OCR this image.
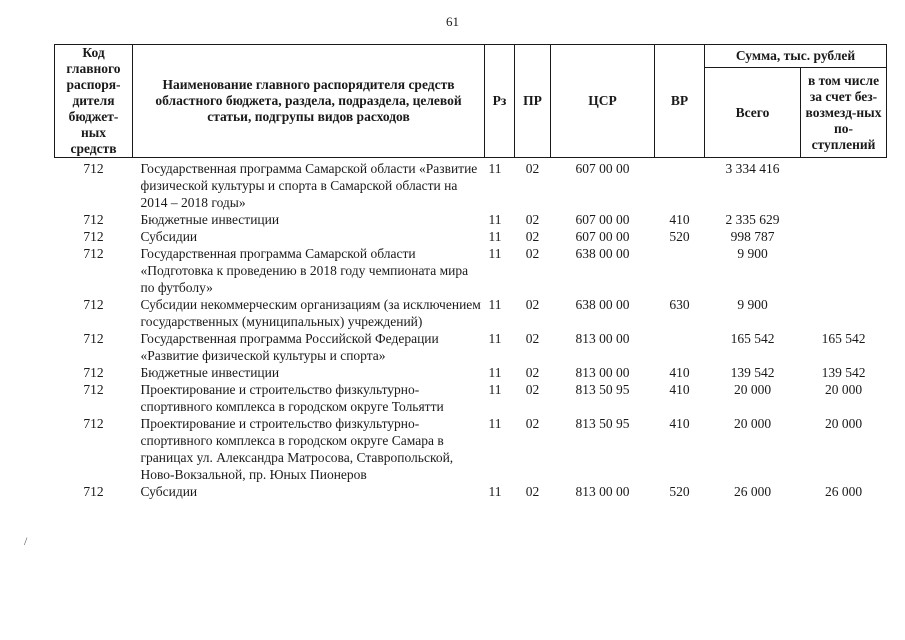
61
Код главного распоря-дителя бюджет-ных средств	Наименование главного распорядителя средств областного бюджета, раздела, подраздела, целевой статьи, подгрупы видов расходов	Рз	ПР	ЦСР	ВР	Сумма, тыс. рублей	
						Всего	в том числе за счет без-возмезд-ных по-ступлений
712	Государственная программа Самарской области «Развитие физической культуры и спорта в Самарской области на 2014 – 2018 годы»	11	02	607 00 00		3 334 416	
712	Бюджетные инвестиции	11	02	607 00 00	410	2 335 629	
712	Субсидии	11	02	607 00 00	520	998 787	
712	Государственная программа Самарской области «Подготовка к проведению в 2018 году чемпионата мира по футболу»	11	02	638 00 00		9 900	
712	Субсидии некоммерческим организациям (за исключением государственных (муниципальных) учреждений)	11	02	638 00 00	630	9 900	
712	Государственная программа Российской Федерации «Развитие физической культуры и спорта»	11	02	813 00 00		165 542	165 542
712	Бюджетные инвестиции	11	02	813 00 00	410	139 542	139 542
712	Проектирование и строительство физкультурно-спортивного комплекса в городском округе Тольятти	11	02	813 50 95	410	20 000	20 000
712	Проектирование и строительство физкультурно-спортивного комплекса в городском округе Самара в границах ул. Александра Матросова, Ставропольской, Ново-Вокзальной, пр. Юных Пионеров	11	02	813 50 95	410	20 000	20 000
712	Субсидии	11	02	813 00 00	520	26 000	26 000
/
